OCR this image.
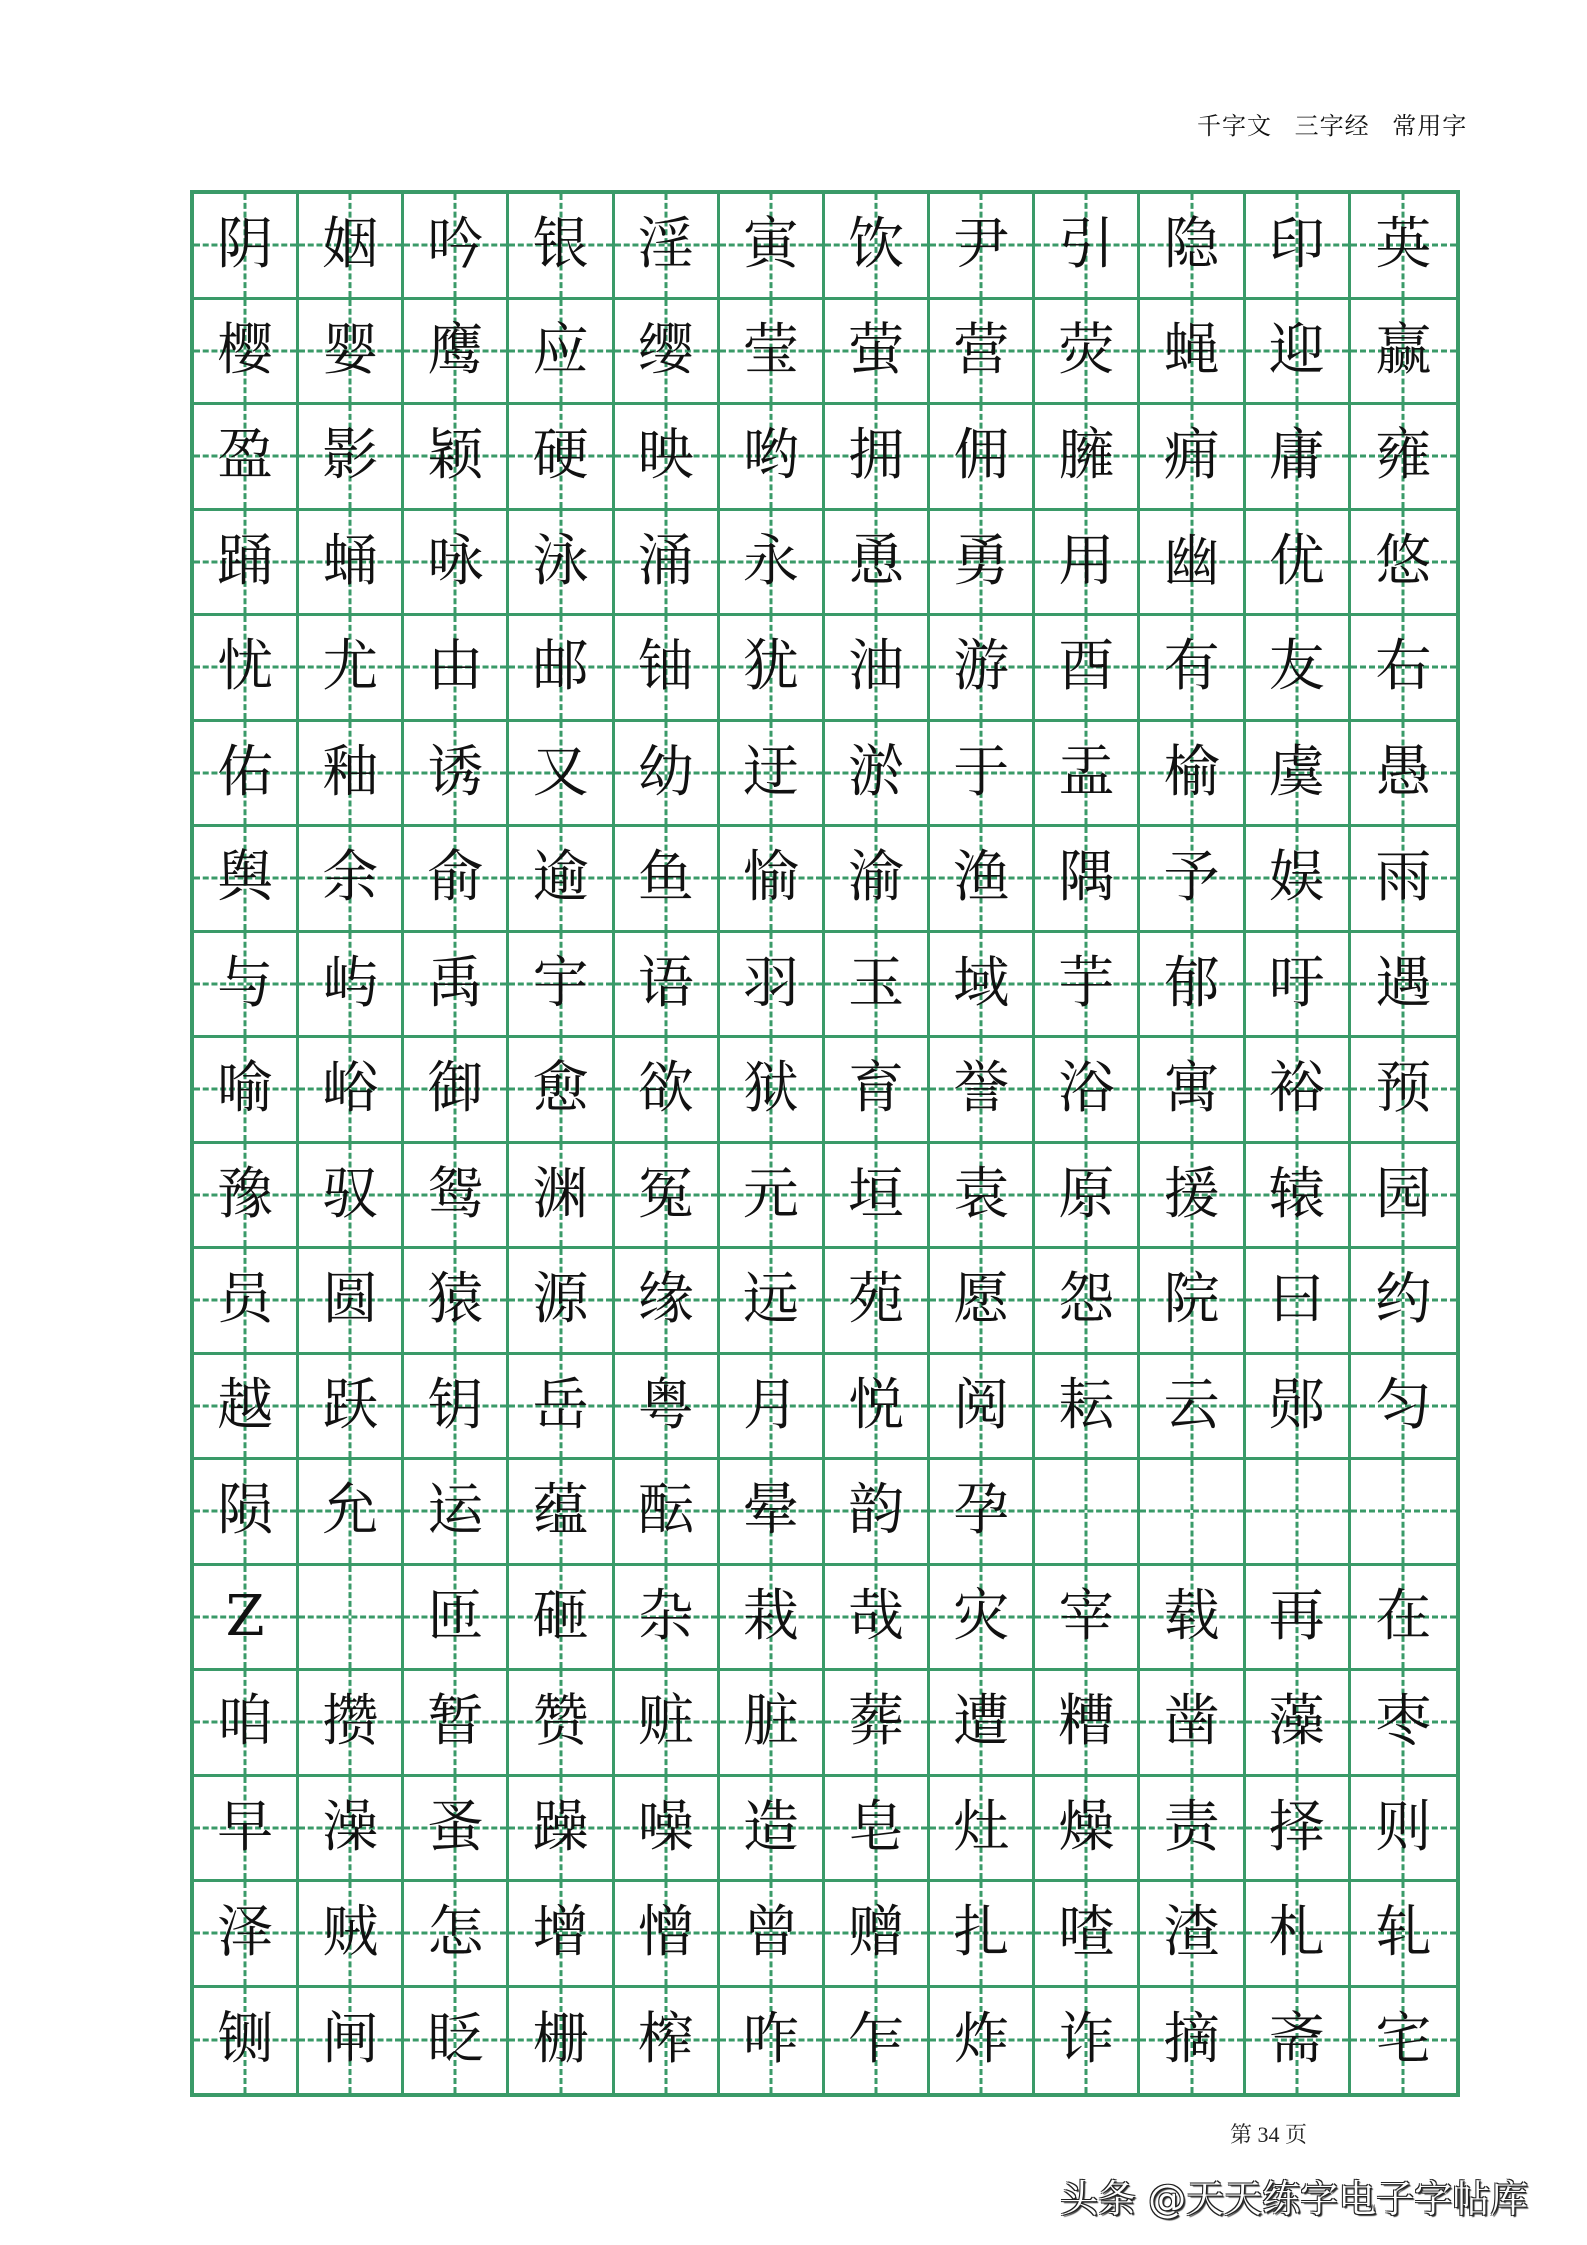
千字文 三字经 常用字
阴 姻 吟 银 淫 寅 饮 尹 引 隐 印 英
樱 婴 鹰 应 缨 莹 萤 营 荧 蝇 迎 赢
盈 影 颖 硬 映 哟 拥 佣 臃 痈 庸 雍
踊 蛹 咏 泳 涌 永 恿 勇 用 幽 优 悠
忧 尤 由 邮 铀 犹 油 游 酉 有 友 右
佑 釉 诱 又 幼 迂 淤 于 盂 榆 虞 愚
舆 余 俞 逾 鱼 愉 渝 渔 隅 予 娱 雨
与 屿 禹 宇 语 羽 玉 域 芋 郁 吁 遇
喻 峪 御 愈 欲 狱 育 誉 浴 寓 裕 预
豫 驭 鸳 渊 冤 元 垣 袁 原 援 辕 园
员 圆 猿 源 缘 远 苑 愿 怨 院 曰 约
越 跃 钥 岳 粤 月 悦 阅 耘 云 郧 匀
陨 允 运 蕴 酝 晕 韵 孕
Z	匝 砸 杂 栽 哉 灾 宰 载 再 在
咱 攒 暂 赞 赃 脏 葬 遭 糟 凿 藻 枣
早 澡 蚤 躁 噪 造 皂 灶 燥 责 择 则
泽 贼 怎 增 憎 曾 赠 扎 喳 渣 札 轧
铡 闸 眨 栅 榨 咋 乍 炸 诈 摘 斋 宅
第 34 页
头条 @天天练字电子字帖库
